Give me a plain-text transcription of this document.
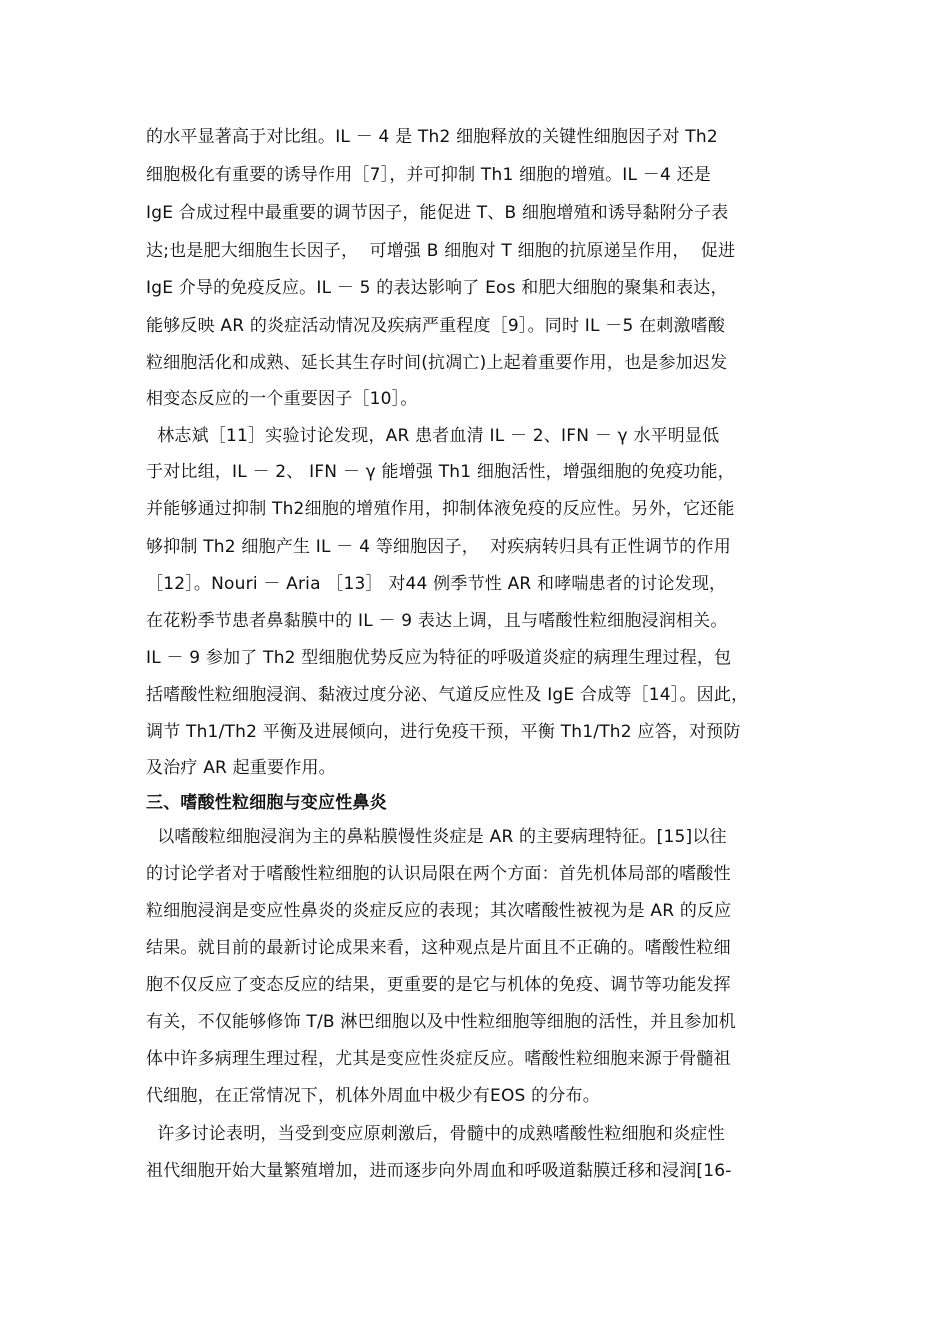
的水平显著高于对比组。IL － 4 是 Th2 细胞释放的关键性细胞因子对 Th2
细胞极化有重要的诱导作用［7］，并可抑制 Th1 细胞的增殖。IL －4 还是
IgE 合成过程中最重要的调节因子，能促进 T、B 细胞增殖和诱导黏附分子表
达;也是肥大细胞生长因子，  可增强 B 细胞对 T 细胞的抗原递呈作用，  促进
IgE 介导的免疫反应。IL － 5 的表达影响了 Eos 和肥大细胞的聚集和表达，
能够反映 AR 的炎症活动情况及疾病严重程度［9］。同时 IL －5 在刺激嗜酸
粒细胞活化和成熟、延长其生存时间(抗凋亡)上起着重要作用，也是参加迟发
相变态反应的一个重要因子［10］。
林志斌［11］实验讨论发现，AR 患者血清 IL － 2、IFN － γ 水平明显低
于对比组，IL － 2、 IFN － γ 能增强 Th1 细胞活性，增强细胞的免疫功能，
并能够通过抑制 Th2细胞的增殖作用，抑制体液免疫的反应性。另外，它还能
够抑制 Th2 细胞产生 IL － 4 等细胞因子，  对疾病转归具有正性调节的作用
［12］。Nouri － Aria ［13］ 对44 例季节性 AR 和哮喘患者的讨论发现，
在花粉季节患者鼻黏膜中的 IL － 9 表达上调，且与嗜酸性粒细胞浸润相关。
IL － 9 参加了 Th2 型细胞优势反应为特征的呼吸道炎症的病理生理过程，包
括嗜酸性粒细胞浸润、黏液过度分泌、气道反应性及 IgE 合成等［14］。因此，
调节 Th1/Th2 平衡及进展倾向，进行免疫干预，平衡 Th1/Th2 应答，对预防
及治疗 AR 起重要作用。
三、嗜酸性粒细胞与变应性鼻炎
以嗜酸粒细胞浸润为主的鼻粘膜慢性炎症是 AR 的主要病理特征。[15]以往
的讨论学者对于嗜酸性粒细胞的认识局限在两个方面：首先机体局部的嗜酸性
粒细胞浸润是变应性鼻炎的炎症反应的表现；其次嗜酸性被视为是 AR 的反应
结果。就目前的最新讨论成果来看，这种观点是片面且不正确的。嗜酸性粒细
胞不仅反应了变态反应的结果，更重要的是它与机体的免疫、调节等功能发挥
有关，不仅能够修饰 T/B 淋巴细胞以及中性粒细胞等细胞的活性，并且参加机
体中许多病理生理过程，尤其是变应性炎症反应。嗜酸性粒细胞来源于骨髓祖
代细胞，在正常情况下，机体外周血中极少有EOS 的分布。
许多讨论表明，当受到变应原刺激后，骨髓中的成熟嗜酸性粒细胞和炎症性
祖代细胞开始大量繁殖增加，进而逐步向外周血和呼吸道黏膜迁移和浸润[16-
